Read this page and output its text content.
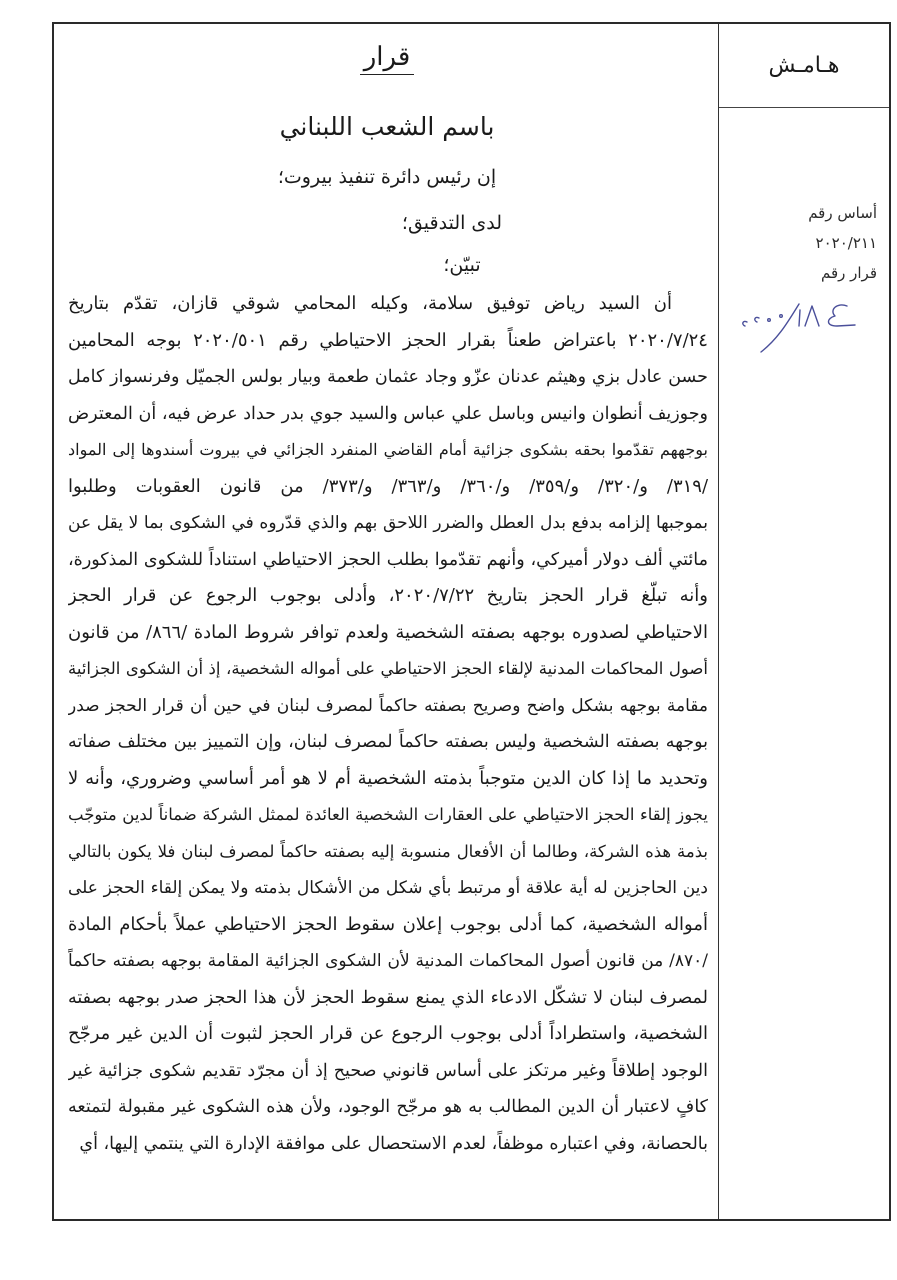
قرار
باسم الشعب اللبناني
إن رئيس دائرة تنفيذ بيروت؛
لدى التدقيق؛
تبيّن؛
أن السيد رياض توفيق سلامة، وكيله المحامي شوقي قازان، تقدّم بتاريخ
٢٠٢٠/٧/٢٤ باعتراض طعناً بقرار الحجز الاحتياطي رقم ٢٠٢٠/٥٠١ بوجه المحامين
حسن عادل بزي وهيثم عدنان عزّو وجاد عثمان طعمة وبيار بولس الجميّل وفرنسواز كامل
وجوزيف أنطوان وانيس وباسل علي عباس والسيد جوي بدر حداد عرض فيه، أن المعترض
بوجههم تقدّموا بحقه بشكوى جزائية أمام القاضي المنفرد الجزائي في بيروت أسندوها إلى المواد
/٣١٩/ و/٣٢٠/ و/٣٥٩/ و/٣٦٠/ و/٣٦٣/ و/٣٧٣/ من قانون العقوبات وطلبوا
بموجبها إلزامه بدفع بدل العطل والضرر اللاحق بهم والذي قدّروه في الشكوى بما لا يقل عن
مائتي ألف دولار أميركي، وأنهم تقدّموا بطلب الحجز الاحتياطي استناداً للشكوى المذكورة،
وأنه تبلّغ قرار الحجز بتاريخ ٢٠٢٠/٧/٢٢، وأدلى بوجوب الرجوع عن قرار الحجز
الاحتياطي لصدوره بوجهه بصفته الشخصية ولعدم توافر شروط المادة /٨٦٦/ من قانون
أصول المحاكمات المدنية لإلقاء الحجز الاحتياطي على أمواله الشخصية، إذ أن الشكوى الجزائية
مقامة بوجهه بشكل واضح وصريح بصفته حاكماً لمصرف لبنان في حين أن قرار الحجز صدر
بوجهه بصفته الشخصية وليس بصفته حاكماً لمصرف لبنان، وإن التمييز بين مختلف صفاته
وتحديد ما إذا كان الدين متوجباً بذمته الشخصية أم لا هو أمر أساسي وضروري، وأنه لا
يجوز إلقاء الحجز الاحتياطي على العقارات الشخصية العائدة لممثل الشركة ضماناً لدين متوجّب
بذمة هذه الشركة، وطالما أن الأفعال منسوبة إليه بصفته حاكماً لمصرف لبنان فلا يكون بالتالي
دين الحاجزين له أية علاقة أو مرتبط بأي شكل من الأشكال بذمته ولا يمكن إلقاء الحجز على
أمواله الشخصية، كما أدلى بوجوب إعلان سقوط الحجز الاحتياطي عملاً بأحكام المادة
/٨٧٠/ من قانون أصول المحاكمات المدنية لأن الشكوى الجزائية المقامة بوجهه بصفته حاكماً
لمصرف لبنان لا تشكّل الادعاء الذي يمنع سقوط الحجز لأن هذا الحجز صدر بوجهه بصفته
الشخصية، واستطراداً أدلى بوجوب الرجوع عن قرار الحجز لثبوت أن الدين غير مرجّح
الوجود إطلاقاً وغير مرتكز على أساس قانوني صحيح إذ أن مجرّد تقديم شكوى جزائية غير
كافٍ لاعتبار أن الدين المطالب به هو مرجّح الوجود، ولأن هذه الشكوى غير مقبولة لتمتعه
بالحصانة، وفي اعتباره موظفاً، لعدم الاستحصال على موافقة الإدارة التي ينتمي إليها، أي
هـامـش
أساس رقم
٢٠٢٠/٢١١
قرار رقم
